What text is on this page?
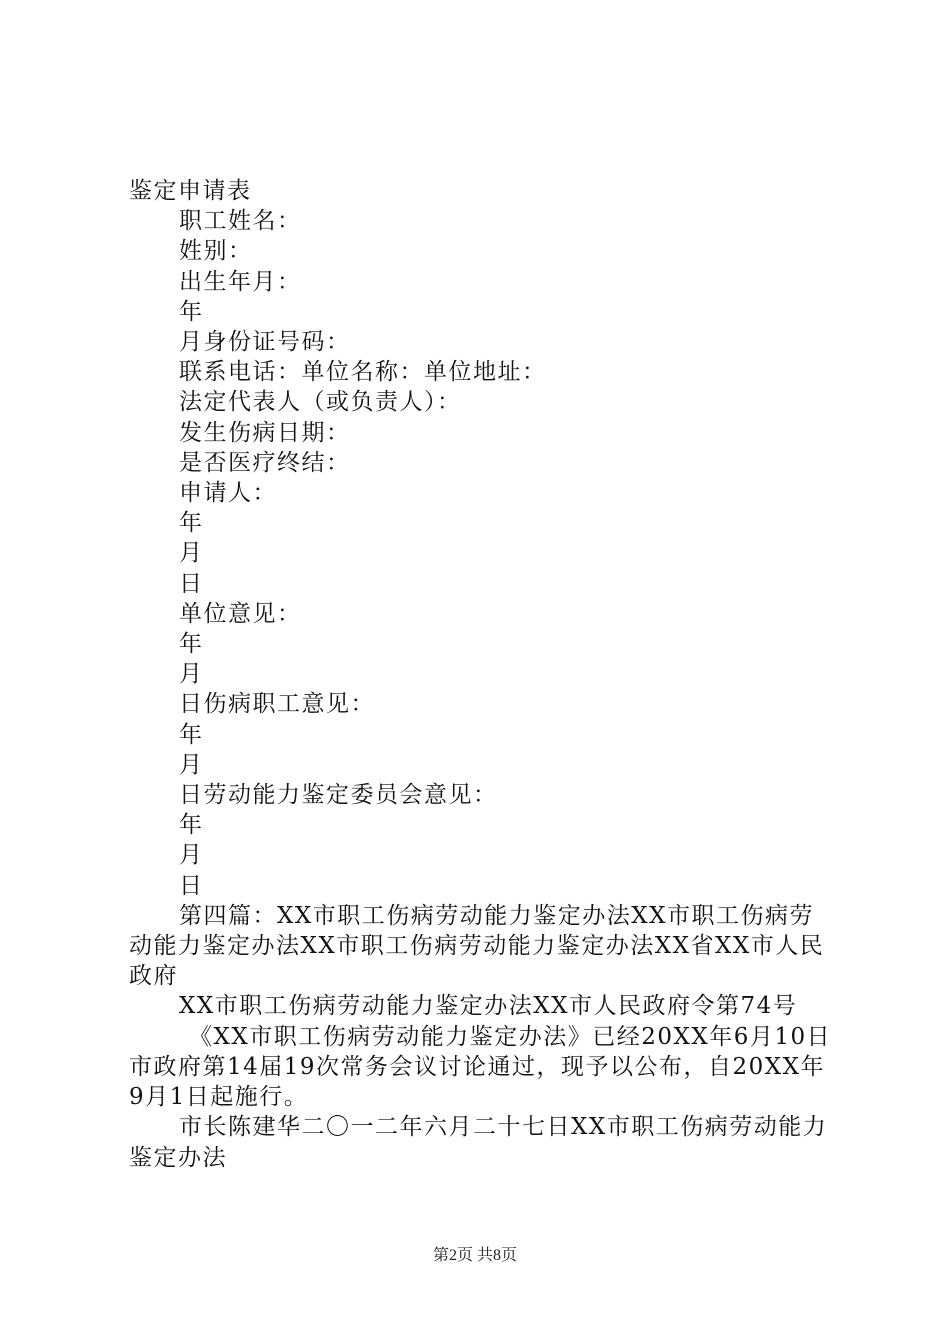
鉴定申请表

职工姓名：

姓别：

出生年月：

年

月身份证号码：

联系电话：单位名称：单位地址：

法定代表人（或负责人）：

发生伤病日期：

是否医疗终结：

申请人：

年

月

日

单位意见：

年

月

日伤病职工意见：

年

月

日劳动能力鉴定委员会意见：

年

月

日

第四篇：XX市职工伤病劳动能力鉴定办法XX市职工伤病劳动能力鉴定办法XX市职工伤病劳动能力鉴定办法XX省XX市人民政府

XX市职工伤病劳动能力鉴定办法XX市人民政府令第74号

《XX市职工伤病劳动能力鉴定办法》已经20XX年6月10日市政府第14届19次常务会议讨论通过，现予以公布，自20XX年9月1日起施行。

市长陈建华二〇一二年六月二十七日XX市职工伤病劳动能力鉴定办法

第2页 共8页
